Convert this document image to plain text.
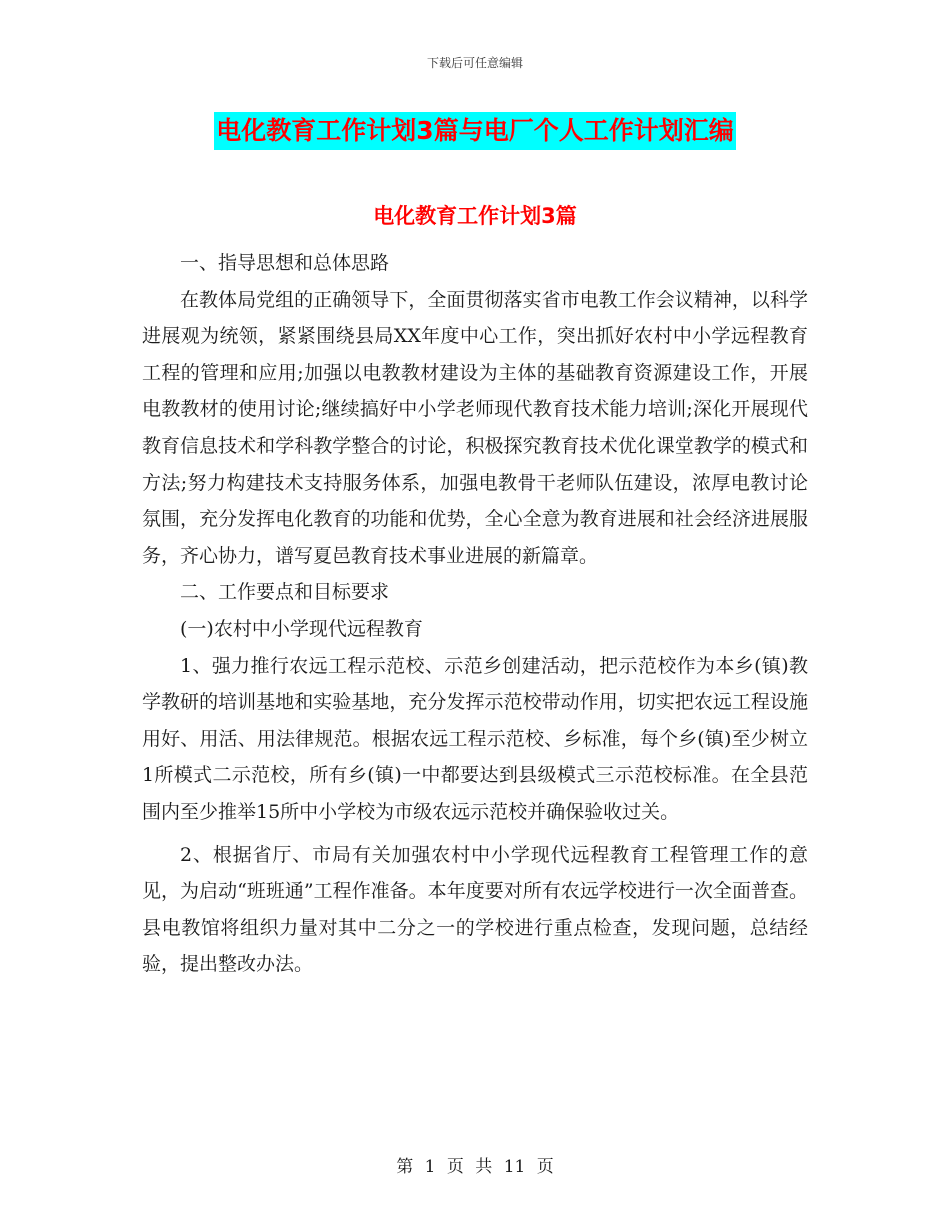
下载后可任意编辑
电化教育工作计划3篇与电厂个人工作计划汇编
电化教育工作计划3篇

一、指导思想和总体思路

在教体局党组的正确领导下，全面贯彻落实省市电教工作会议精神，以科学进展观为统领，紧紧围绕县局XX年度中心工作，突出抓好农村中小学远程教育工程的管理和应用;加强以电教教材建设为主体的基础教育资源建设工作，开展电教教材的使用讨论;继续搞好中小学老师现代教育技术能力培训;深化开展现代教育信息技术和学科教学整合的讨论，积极探究教育技术优化课堂教学的模式和方法;努力构建技术支持服务体系，加强电教骨干老师队伍建设，浓厚电教讨论氛围，充分发挥电化教育的功能和优势，全心全意为教育进展和社会经济进展服务，齐心协力，谱写夏邑教育技术事业进展的新篇章。

二、工作要点和目标要求

(一)农村中小学现代远程教育

1、强力推行农远工程示范校、示范乡创建活动，把示范校作为本乡(镇)教学教研的培训基地和实验基地，充分发挥示范校带动作用，切实把农远工程设施用好、用活、用法律规范。根据农远工程示范校、乡标准，每个乡(镇)至少树立1所模式二示范校，所有乡(镇)一中都要达到县级模式三示范校标准。在全县范围内至少推举15所中小学校为市级农远示范校并确保验收过关。

2、根据省厅、市局有关加强农村中小学现代远程教育工程管理工作的意见，为启动“班班通”工程作准备。本年度要对所有农远学校进行一次全面普查。县电教馆将组织力量对其中二分之一的学校进行重点检查，发现问题，总结经验，提出整改办法。

第 1 页 共 11 页
